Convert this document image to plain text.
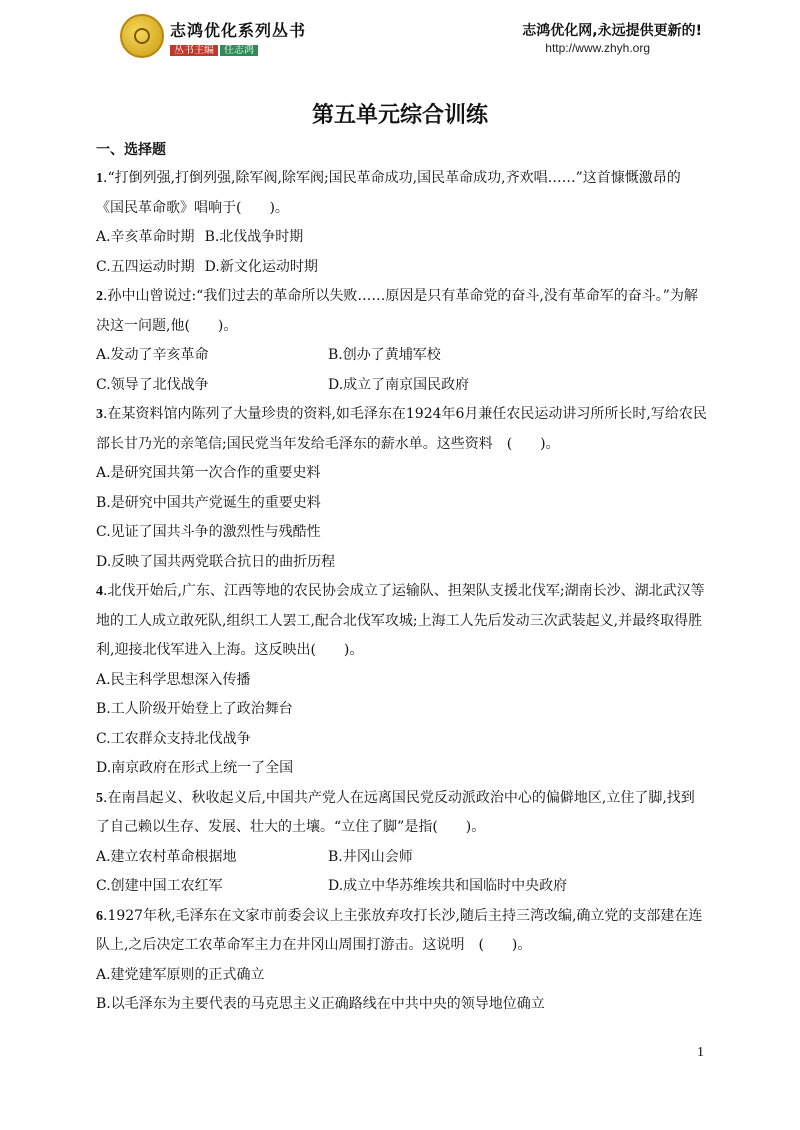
志鸿优化系列丛书
丛书主编 任志鸿
志鸿优化网,永远提供更新的!
http://www.zhyh.org
第五单元综合训练
一、选择题
1.“打倒列强,打倒列强,除军阀,除军阀;国民革命成功,国民革命成功,齐欢唱……”这首慷慨激昂的《国民革命歌》唱响于(　　)。
A.辛亥革命时期 B.北伐战争时期
C.五四运动时期 D.新文化运动时期
2.孙中山曾说过:“我们过去的革命所以失败……原因是只有革命党的奋斗,没有革命军的奋斗。”为解决这一问题,他(　　)。
A.发动了辛亥革命	B.创办了黄埔军校
C.领导了北伐战争	D.成立了南京国民政府
3.在某资料馆内陈列了大量珍贵的资料,如毛泽东在1924年6月兼任农民运动讲习所所长时,写给农民部长甘乃光的亲笔信;国民党当年发给毛泽东的薪水单。这些资料　(　　)。
A.是研究国共第一次合作的重要史料
B.是研究中国共产党诞生的重要史料
C.见证了国共斗争的激烈性与残酷性
D.反映了国共两党联合抗日的曲折历程
4.北伐开始后,广东、江西等地的农民协会成立了运输队、担架队支援北伐军;湖南长沙、湖北武汉等地的工人成立敢死队,组织工人罢工,配合北伐军攻城;上海工人先后发动三次武装起义,并最终取得胜利,迎接北伐军进入上海。这反映出(　　)。
A.民主科学思想深入传播
B.工人阶级开始登上了政治舞台
C.工农群众支持北伐战争
D.南京政府在形式上统一了全国
5.在南昌起义、秋收起义后,中国共产党人在远离国民党反动派政治中心的偏僻地区,立住了脚,找到了自己赖以生存、发展、壮大的土壤。“立住了脚”是指(　　)。
A.建立农村革命根据地	B.井冈山会师
C.创建中国工农红军	D.成立中华苏维埃共和国临时中央政府
6.1927年秋,毛泽东在文家市前委会议上主张放弃攻打长沙,随后主持三湾改编,确立党的支部建在连队上,之后决定工农革命军主力在井冈山周围打游击。这说明　(　　)。
A.建党建军原则的正式确立
B.以毛泽东为主要代表的马克思主义正确路线在中共中央的领导地位确立
1
